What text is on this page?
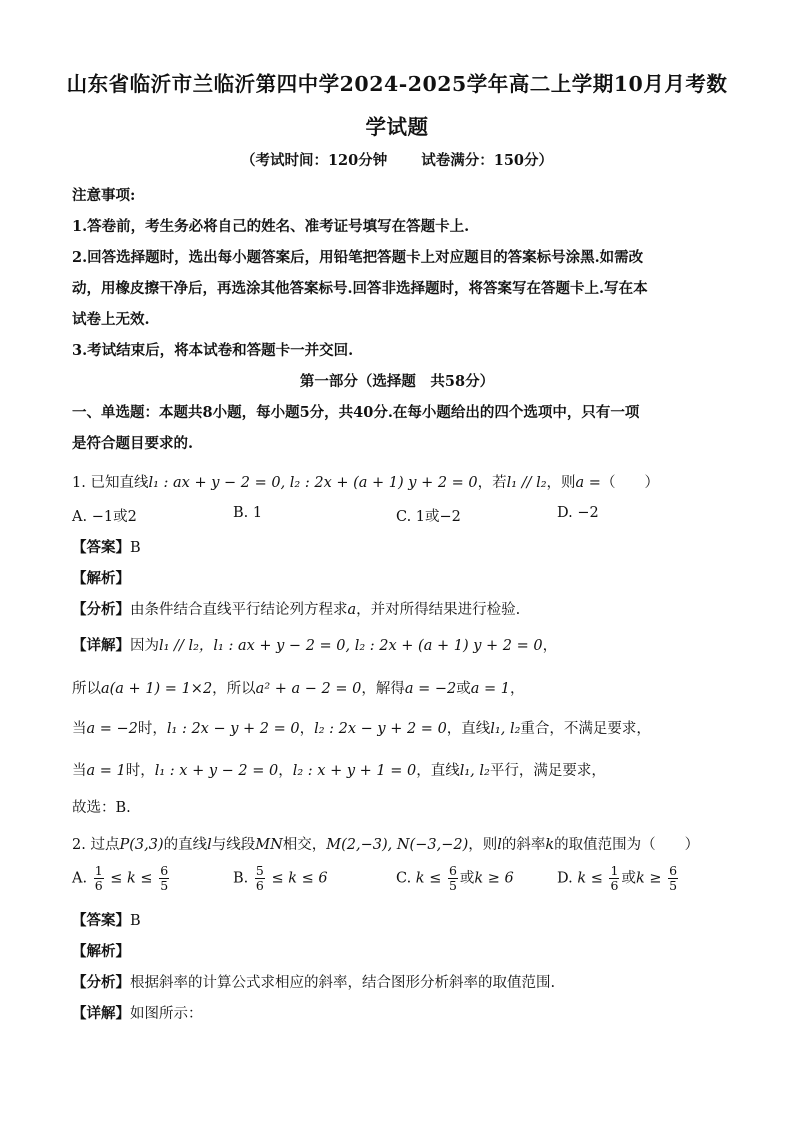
山东省临沂市兰临沂第四中学2024-2025学年高二上学期10月月考数
学试题
（考试时间：120分钟 试卷满分：150分）
注意事项:
1.答卷前，考生务必将自己的姓名、准考证号填写在答题卡上.
2.回答选择题时，选出每小题答案后，用铅笔把答题卡上对应题目的答案标号涂黑.如需改
动，用橡皮擦干净后，再选涂其他答案标号.回答非选择题时，将答案写在答题卡上.写在本
试卷上无效.
3.考试结束后，将本试卷和答题卡一并交回.
第一部分（选择题　共58分）
一、单选题：本题共8小题，每小题5分，共40分.在每小题给出的四个选项中，只有一项
是符合题目要求的.
1. 已知直线l₁ : ax + y − 2 = 0, l₂ : 2x + (a + 1) y + 2 = 0，若l₁ // l₂，则a =（　　）
A. −1或2	B. 1	C. 1或−2	D. −2
【答案】B
【解析】
【分析】由条件结合直线平行结论列方程求a，并对所得结果进行检验.
【详解】因为l₁ // l₂，l₁ : ax + y − 2 = 0, l₂ : 2x + (a + 1) y + 2 = 0，
所以a(a + 1) = 1×2，所以a² + a − 2 = 0，解得a = −2或a = 1，
当a = −2时，l₁ : 2x − y + 2 = 0，l₂ : 2x − y + 2 = 0，直线l₁, l₂重合，不满足要求，
当a = 1时，l₁ : x + y − 2 = 0，l₂ : x + y + 1 = 0，直线l₁, l₂平行，满足要求，
故选：B.
2. 过点P(3,3)的直线l与线段MN相交，M(2,−3), N(−3,−2)，则l的斜率k的取值范围为（　　）
A. $\frac{1}{6} \le k \le \frac{6}{5}$	B. $\frac{5}{6} \le k \le 6$	C. $k \le \frac{6}{5}$ 或k ≥ 6	D. $k \le \frac{1}{6}$ 或$k \ge \frac{6}{5}$
【答案】B
【解析】
【分析】根据斜率的计算公式求相应的斜率，结合图形分析斜率的取值范围.
【详解】如图所示：
